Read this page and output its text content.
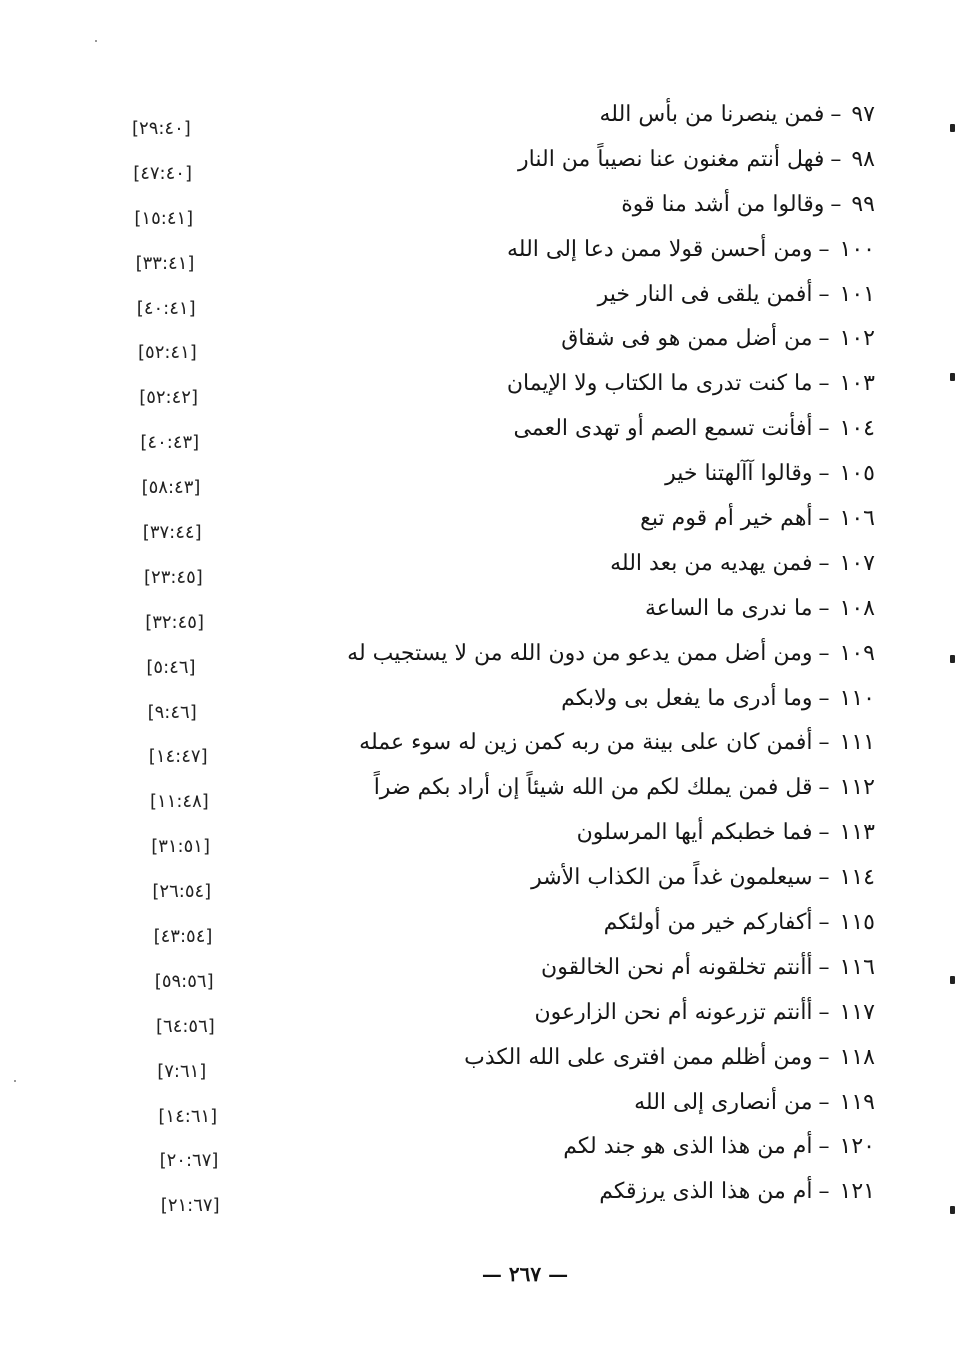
٩٧–فمن ينصرنا من بأس الله
[٢٩:٤٠]
٩٨–فهل أنتم مغنون عنا نصيباً من النار
[٤٧:٤٠]
٩٩–وقالوا من أشد منا قوة
[١٥:٤١]
١٠٠–ومن أحسن قولا ممن دعا إلى الله
[٣٣:٤١]
١٠١–أفمن يلقى فى النار خير
[٤٠:٤١]
١٠٢–من أضل ممن هو فى شقاق
[٥٢:٤١]
١٠٣–ما كنت تدرى ما الكتاب ولا الإيمان
[٥٢:٤٢]
١٠٤–أفأنت تسمع الصم أو تهدى العمى
[٤٠:٤٣]
١٠٥–وقالوا آآلهتنا خير
[٥٨:٤٣]
١٠٦–أهم خير أم قوم تبع
[٣٧:٤٤]
١٠٧–فمن يهديه من بعد الله
[٢٣:٤٥]
١٠٨–ما ندرى ما الساعة
[٣٢:٤٥]
١٠٩–ومن أضل ممن يدعو من دون الله من لا يستجيب له
[٥:٤٦]
١١٠–وما أدرى ما يفعل بى ولابكم
[٩:٤٦]
١١١–أفمن كان على بينة من ربه كمن زين له سوء عمله
[١٤:٤٧]
١١٢–قل فمن يملك لكم من الله شيئاً إن أراد بكم ضراً
[١١:٤٨]
١١٣–فما خطبكم أيها المرسلون
[٣١:٥١]
١١٤–سيعلمون غداً من الكذاب الأشر
[٢٦:٥٤]
١١٥–أكفاركم خير من أولئكم
[٤٣:٥٤]
١١٦–أأنتم تخلقونه أم نحن الخالقون
[٥٩:٥٦]
١١٧–أأنتم تزرعونه أم نحن الزارعون
[٦٤:٥٦]
١١٨–ومن أظلم ممن افترى على الله الكذب
[٧:٦١]
١١٩–من أنصارى إلى الله
[١٤:٦١]
١٢٠–أم من هذا الذى هو جند لكم
[٢٠:٦٧]
١٢١–أم من هذا الذى يرزقكم
[٢١:٦٧]
— ٢٦٧ —
